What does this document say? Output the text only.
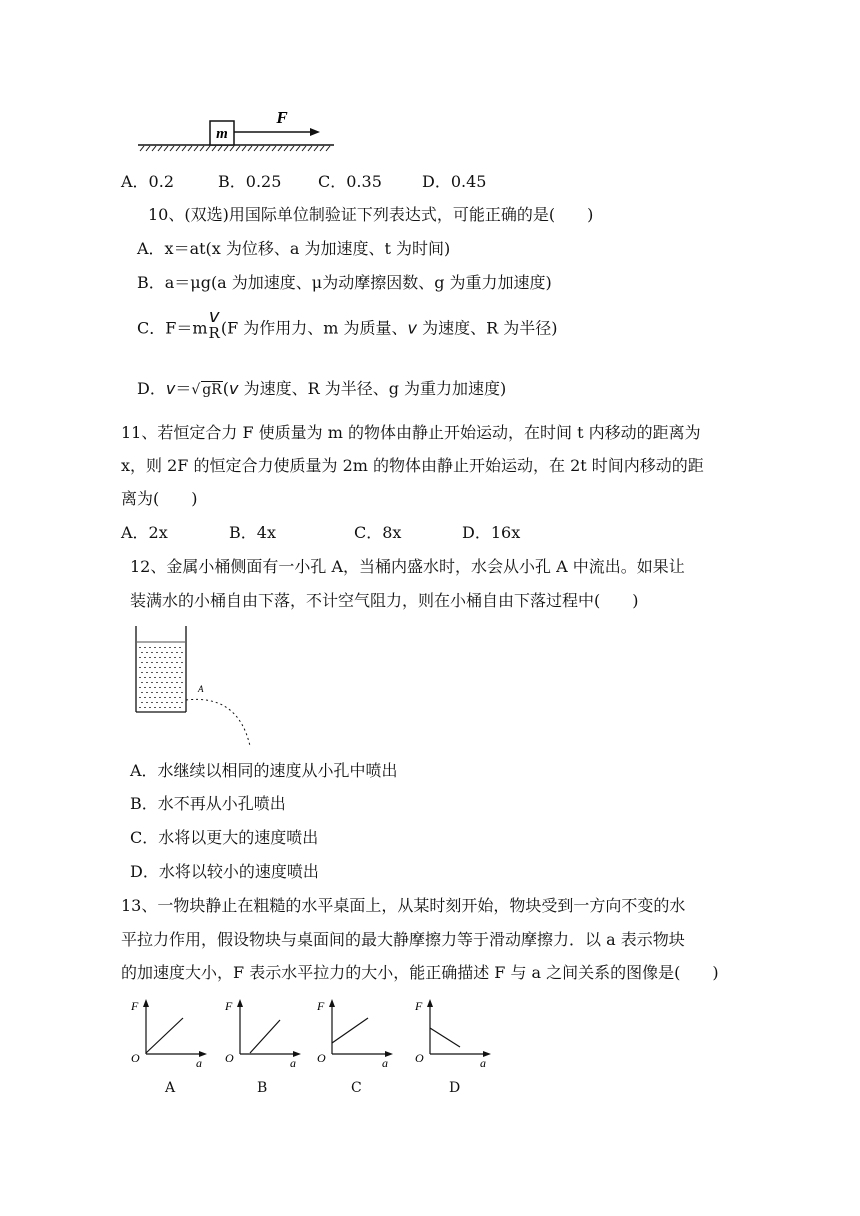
m
F
A．0.2	B．0.25 C．0.35	D．0.45
10、(双选)用国际单位制验证下列表达式，可能正确的是(　　)
A．x＝at(x 为位移、a 为加速度、t 为时间)
B．a＝μg(a 为加速度、μ为动摩擦因数、g 为重力加速度)
C．F＝m
v
R (F 为作用力、m 为质量、v 为速度、R 为半径)
D．v＝√ gR(v 为速度、R 为半径、g 为重力加速度)
11、若恒定合力 F 使质量为 m 的物体由静止开始运动，在时间 t 内移动的距离为
x，则 2F 的恒定合力使质量为 2m 的物体由静止开始运动，在 2t 时间内移动的距
离为(　　)
A．2x	B．4x	C．8x	D．16x
12、金属小桶侧面有一小孔 A，当桶内盛水时，水会从小孔 A 中流出。如果让
装满水的小桶自由下落，不计空气阻力，则在小桶自由下落过程中(　　)
A
A．水继续以相同的速度从小孔中喷出
B．水不再从小孔喷出
C．水将以更大的速度喷出
D．水将以较小的速度喷出
13、一物块静止在粗糙的水平桌面上，从某时刻开始，物块受到一方向不变的水
平拉力作用，假设物块与桌面间的最大静摩擦力等于滑动摩擦力．以 a 表示物块
的加速度大小，F 表示水平拉力的大小，能正确描述 F 与 a 之间关系的图像是(　　)
F
O	a
F
O	a
F
O	a
F
O	a
A	B	C	D
